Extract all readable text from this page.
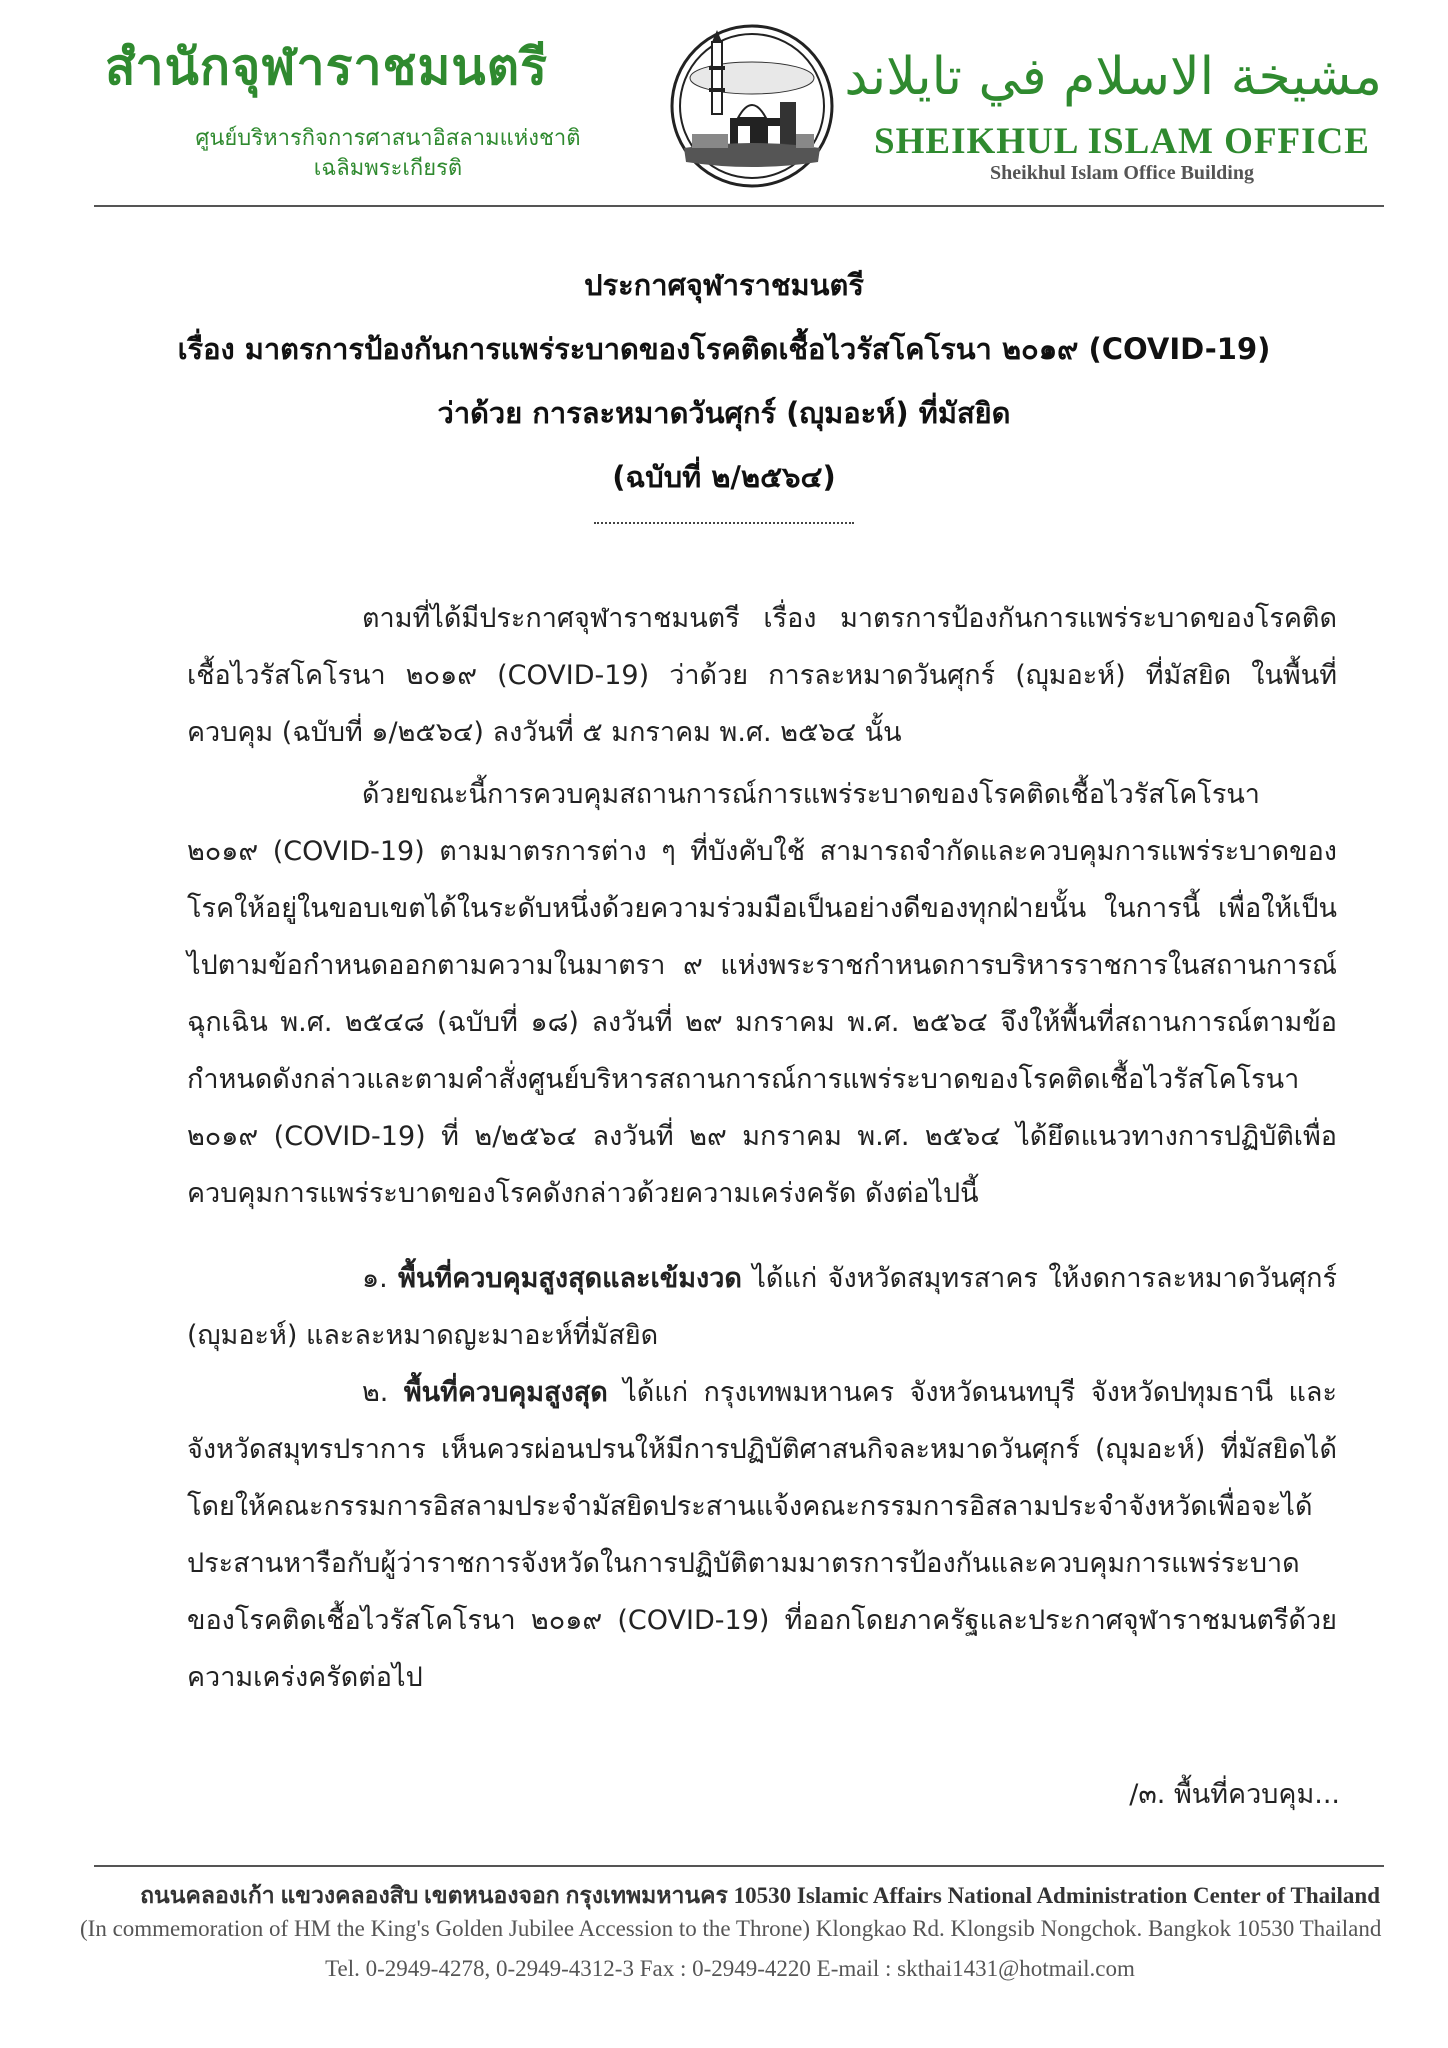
สำนักจุฬาราชมนตรี
ศูนย์บริหารกิจการศาสนาอิสลามแห่งชาติ
เฉลิมพระเกียรติ
مشيخة الاسلام في تايلاند
SHEIKHUL ISLAM OFFICE
Sheikhul Islam Office Building
ประกาศจุฬาราชมนตรี
เรื่อง มาตรการป้องกันการแพร่ระบาดของโรคติดเชื้อไวรัสโคโรนา ๒๐๑๙ (COVID-19)
ว่าด้วย การละหมาดวันศุกร์ (ญุมอะห์) ที่มัสยิด
(ฉบับที่ ๒/๒๕๖๔)

ตามที่ได้มีประกาศจุฬาราชมนตรี เรื่อง มาตรการป้องกันการแพร่ระบาดของโรคติดเชื้อไวรัสโคโรนา ๒๐๑๙ (COVID-19) ว่าด้วย การละหมาดวันศุกร์ (ญุมอะห์) ที่มัสยิด ในพื้นที่ควบคุม (ฉบับที่ ๑/๒๕๖๔) ลงวันที่ ๕ มกราคม พ.ศ. ๒๕๖๔ นั้น

ด้วยขณะนี้การควบคุมสถานการณ์การแพร่ระบาดของโรคติดเชื้อไวรัสโคโรนา ๒๐๑๙ (COVID-19) ตามมาตรการต่าง ๆ ที่บังคับใช้ สามารถจำกัดและควบคุมการแพร่ระบาดของโรคให้อยู่ในขอบเขตได้ในระดับหนึ่งด้วยความร่วมมือเป็นอย่างดีของทุกฝ่ายนั้น ในการนี้ เพื่อให้เป็นไปตามข้อกำหนดออกตามความในมาตรา ๙ แห่งพระราชกำหนดการบริหารราชการในสถานการณ์ฉุกเฉิน พ.ศ. ๒๕๔๘ (ฉบับที่ ๑๘) ลงวันที่ ๒๙ มกราคม พ.ศ. ๒๕๖๔ จึงให้พื้นที่สถานการณ์ตามข้อกำหนดดังกล่าวและตามคำสั่งศูนย์บริหารสถานการณ์การแพร่ระบาดของโรคติดเชื้อไวรัสโคโรนา ๒๐๑๙ (COVID-19) ที่ ๒/๒๕๖๔ ลงวันที่ ๒๙ มกราคม พ.ศ. ๒๕๖๔ ได้ยึดแนวทางการปฏิบัติเพื่อควบคุมการแพร่ระบาดของโรคดังกล่าวด้วยความเคร่งครัด ดังต่อไปนี้

๑. พื้นที่ควบคุมสูงสุดและเข้มงวด ได้แก่ จังหวัดสมุทรสาคร ให้งดการละหมาดวันศุกร์ (ญุมอะห์) และละหมาดญะมาอะห์ที่มัสยิด

๒. พื้นที่ควบคุมสูงสุด ได้แก่ กรุงเทพมหานคร จังหวัดนนทบุรี จังหวัดปทุมธานี และจังหวัดสมุทรปราการ เห็นควรผ่อนปรนให้มีการปฏิบัติศาสนกิจละหมาดวันศุกร์ (ญุมอะห์) ที่มัสยิดได้ โดยให้คณะกรรมการอิสลามประจำมัสยิดประสานแจ้งคณะกรรมการอิสลามประจำจังหวัดเพื่อจะได้ประสานหารือกับผู้ว่าราชการจังหวัดในการปฏิบัติตามมาตรการป้องกันและควบคุมการแพร่ระบาดของโรคติดเชื้อไวรัสโคโรนา ๒๐๑๙ (COVID-19) ที่ออกโดยภาครัฐและประกาศจุฬาราชมนตรีด้วยความเคร่งครัดต่อไป

/๓. พื้นที่ควบคุม...
ถนนคลองเก้า แขวงคลองสิบ เขตหนองจอก กรุงเทพมหานคร 10530 Islamic Affairs National Administration Center of Thailand
(In commemoration of HM the King's Golden Jubilee Accession to the Throne) Klongkao Rd. Klongsib Nongchok. Bangkok 10530 Thailand
Tel. 0-2949-4278, 0-2949-4312-3 Fax : 0-2949-4220 E-mail : skthai1431@hotmail.com
